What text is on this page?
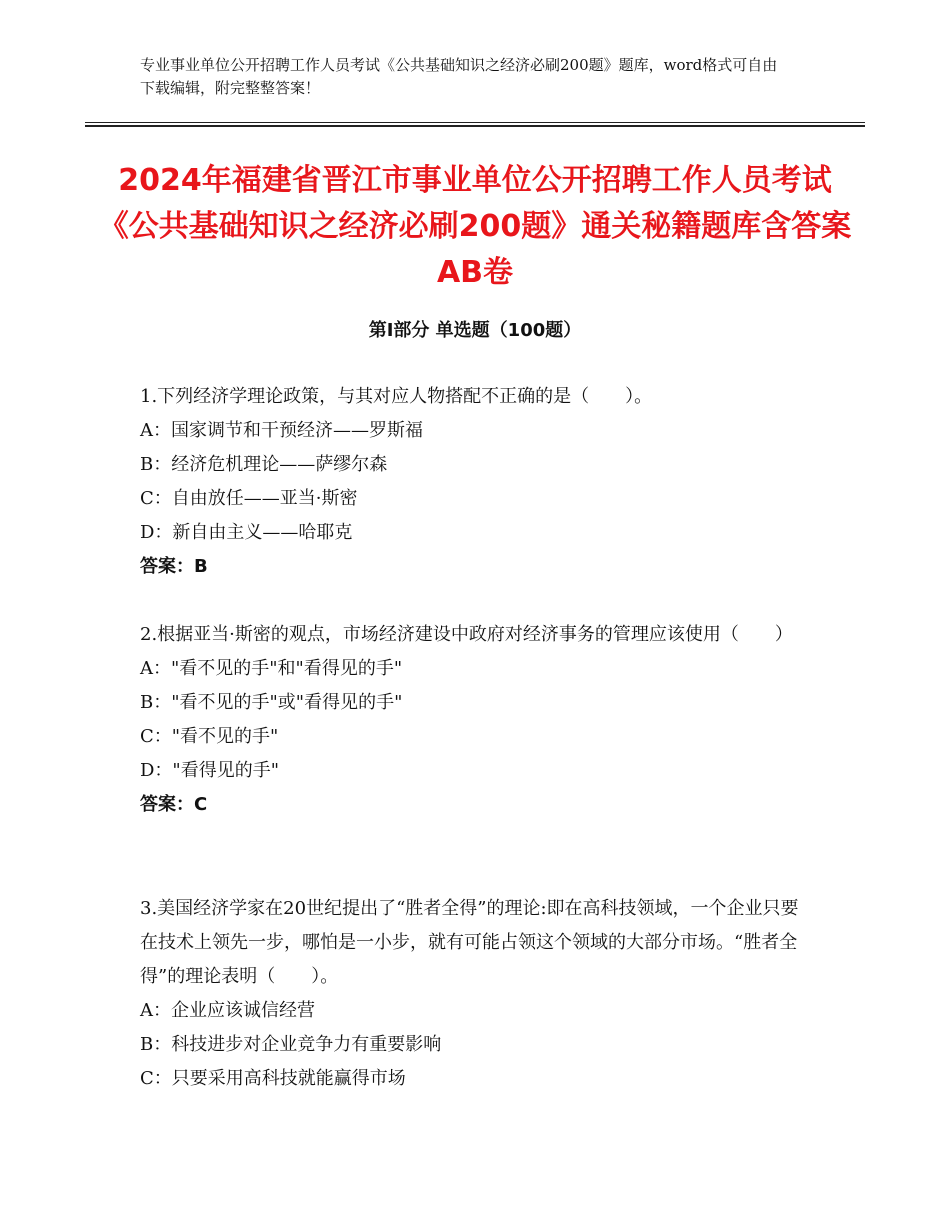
专业事业单位公开招聘工作人员考试《公共基础知识之经济必刷200题》题库，word格式可自由下载编辑，附完整整答案！
2024年福建省晋江市事业单位公开招聘工作人员考试《公共基础知识之经济必刷200题》通关秘籍题库含答案AB卷
第Ⅰ部分 单选题（100题）

1.下列经济学理论政策，与其对应人物搭配不正确的是（　　）。

A：国家调节和干预经济——罗斯福

B：经济危机理论——萨缪尔森

C：自由放任——亚当·斯密

D：新自由主义——哈耶克

答案：B

2.根据亚当·斯密的观点，市场经济建设中政府对经济事务的管理应该使用（　　）

A："看不见的手"和"看得见的手"

B："看不见的手"或"看得见的手"

C："看不见的手"

D："看得见的手"

答案：C

3.美国经济学家在20世纪提出了“胜者全得”的理论:即在高科技领域，一个企业只要在技术上领先一步，哪怕是一小步，就有可能占领这个领域的大部分市场。“胜者全得”的理论表明（　　）。

A：企业应该诚信经营

B：科技进步对企业竞争力有重要影响

C：只要采用高科技就能赢得市场
